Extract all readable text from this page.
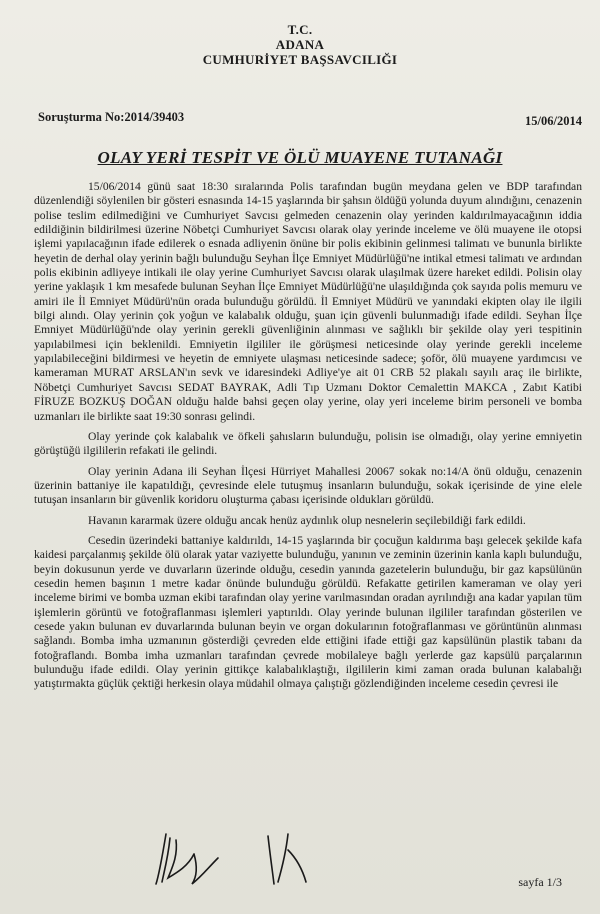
T.C.
ADANA
CUMHURİYET BAŞSAVCILIĞI
Soruşturma No:2014/39403	15/06/2014
OLAY YERİ TESPİT VE ÖLÜ MUAYENE TUTANAĞI

15/06/2014 günü saat 18:30 sıralarında Polis tarafından bugün meydana gelen ve BDP tarafından düzenlendiği söylenilen bir gösteri esnasında 14-15 yaşlarında bir şahsın öldüğü yolunda duyum alındığını, cenazenin polise teslim edilmediğini ve Cumhuriyet Savcısı gelmeden cenazenin olay yerinden kaldırılmayacağının iddia edildiğinin bildirilmesi üzerine Nöbetçi Cumhuriyet Savcısı olarak olay yerinde inceleme ve ölü muayene ile otopsi işlemi yapılacağının ifade edilerek o esnada adliyenin önüne bir polis ekibinin gelinmesi talimatı ve bununla birlikte heyetin de derhal olay yerinin bağlı bulunduğu Seyhan İlçe Emniyet Müdürlüğü'ne intikal etmesi talimatı ve ardından polis ekibinin adliyeye intikali ile olay yerine Cumhuriyet Savcısı olarak ulaşılmak üzere hareket edildi. Polisin olay yerine yaklaşık 1 km mesafede bulunan Seyhan İlçe Emniyet Müdürlüğü'ne ulaşıldığında çok sayıda polis memuru ve amiri ile İl Emniyet Müdürü'nün orada bulunduğu görüldü. İl Emniyet Müdürü ve yanındaki ekipten olay ile ilgili bilgi alındı. Olay yerinin çok yoğun ve kalabalık olduğu, şuan için güvenli bulunmadığı ifade edildi. Seyhan İlçe Emniyet Müdürlüğü'nde olay yerinin gerekli güvenliğinin alınması ve sağlıklı bir şekilde olay yeri tespitinin yapılabilmesi için beklenildi. Emniyetin ilgililer ile görüşmesi neticesinde olay yerinde gerekli inceleme yapılabileceğini bildirmesi ve heyetin de emniyete ulaşması neticesinde sadece; şoför, ölü muayene yardımcısı ve kameraman MURAT ARSLAN'ın sevk ve idaresindeki Adliye'ye ait 01 CRB 52 plakalı sayılı araç ile birlikte, Nöbetçi Cumhuriyet Savcısı SEDAT BAYRAK, Adli Tıp Uzmanı Doktor Cemalettin MAKCA , Zabıt Katibi FİRUZE BOZKUŞ DOĞAN olduğu halde bahsi geçen olay yerine, olay yeri inceleme birim personeli ve bomba uzmanları ile birlikte saat 19:30 sonrası gelindi.

Olay yerinde çok kalabalık ve öfkeli şahısların bulunduğu, polisin ise olmadığı, olay yerine emniyetin görüştüğü ilgililerin refakati ile gelindi.

Olay yerinin Adana ili Seyhan İlçesi Hürriyet Mahallesi 20067 sokak no:14/A önü olduğu, cenazenin üzerinin battaniye ile kapatıldığı, çevresinde elele tutuşmuş insanların bulunduğu, sokak içerisinde de yine elele tutuşan insanların bir güvenlik koridoru oluşturma çabası içerisinde oldukları görüldü.

Havanın kararmak üzere olduğu ancak henüz aydınlık olup nesnelerin seçilebildiği fark edildi.

Cesedin üzerindeki battaniye kaldırıldı, 14-15 yaşlarında bir çocuğun kaldırıma başı gelecek şekilde kafa kaidesi parçalanmış şekilde ölü olarak yatar vaziyette bulunduğu, yanının ve zeminin üzerinin kanla kaplı bulunduğu, beyin dokusunun yerde ve duvarların üzerinde olduğu, cesedin yanında gazetelerin bulunduğu, bir gaz kapsülünün cesedin hemen başının 1 metre kadar önünde bulunduğu görüldü. Refakatte getirilen kameraman ve olay yeri inceleme birimi ve bomba uzman ekibi tarafından olay yerine varılmasından oradan ayrılındığı ana kadar yapılan tüm işlemlerin görüntü ve fotoğraflanması işlemleri yaptırıldı. Olay yerinde bulunan ilgililer tarafından gösterilen ve cesede yakın bulunan ev duvarlarında bulunan beyin ve organ dokularının fotoğraflanması ve görüntünün alınması sağlandı. Bomba imha uzmanının gösterdiği çevreden elde ettiğini ifade ettiği gaz kapsülünün plastik tabanı da fotoğraflandı. Bomba imha uzmanları tarafından çevrede mobilaleye bağlı yerlerde gaz kapsülü parçalarının bulunduğu ifade edildi. Olay yerinin gittikçe kalabalıklaştığı, ilgililerin kimi zaman orada bulunan kalabalığı yatıştırmakta güçlük çektiği herkesin olaya müdahil olmaya çalıştığı gözlendiğinden inceleme cesedin çevresi ile

sayfa 1/3
